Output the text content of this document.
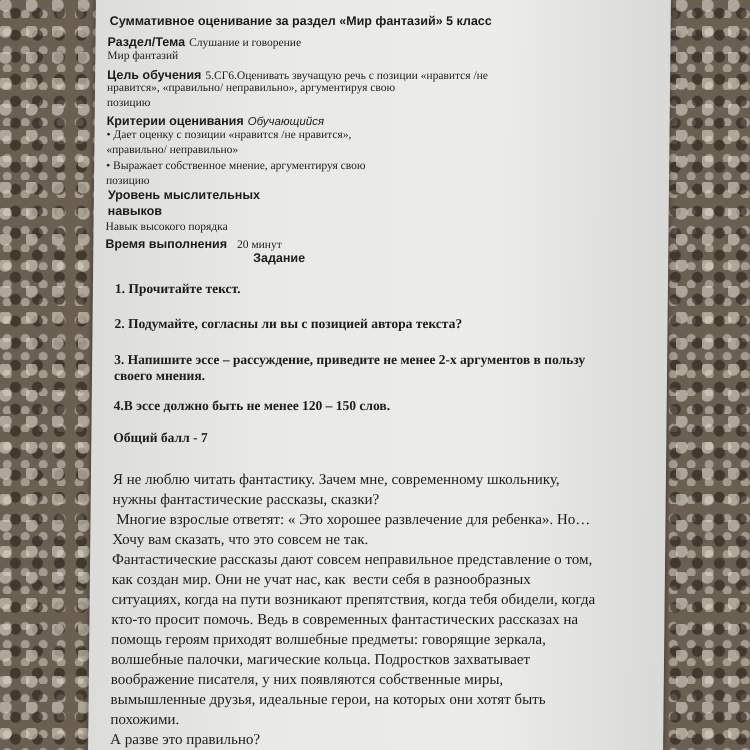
Суммативное оценивание за раздел «Мир фантазий» 5 класс
Раздел/Тема Слушание и говорение
Мир фантазий
Цель обучения 5.СГ6.Оценивать звучащую речь с позиции «нравится /не
нравится», «правильно/ неправильно», аргументируя свою
позицию
Критерии оценивания Обучающийся
• Дает оценку с позиции «нравится /не нравится»,
«правильно/ неправильно»
• Выражает собственное мнение, аргументируя свою
позицию
Уровень мыслительных
навыков
Навык высокого порядка
Время выполнения 20 минут
Задание
1. Прочитайте текст.
2. Подумайте, согласны ли вы с позицией автора текста?
3. Напишите эссе – рассуждение, приведите не менее 2-х аргументов в пользу
своего мнения.
4.В эссе должно быть не менее 120 – 150 слов.
Общий балл - 7
Я не люблю читать фантастику. Зачем мне, современному школьнику,
нужны фантастические рассказы, сказки?
Многие взрослые ответят: « Это хорошее развлечение для ребенка». Но…
Хочу вам сказать, что это совсем не так.
Фантастические рассказы дают совсем неправильное представление о том,
как создан мир. Они не учат нас, как  вести себя в разнообразных
ситуациях, когда на пути возникают препятствия, когда тебя обидели, когда
кто-то просит помочь. Ведь в современных фантастических рассказах на
помощь героям приходят волшебные предметы: говорящие зеркала,
волшебные палочки, магические кольца. Подростков захватывает
воображение писателя, у них появляются собственные миры,
вымышленные друзья, идеальные герои, на которых они хотят быть
похожими.
А разве это правильно?
